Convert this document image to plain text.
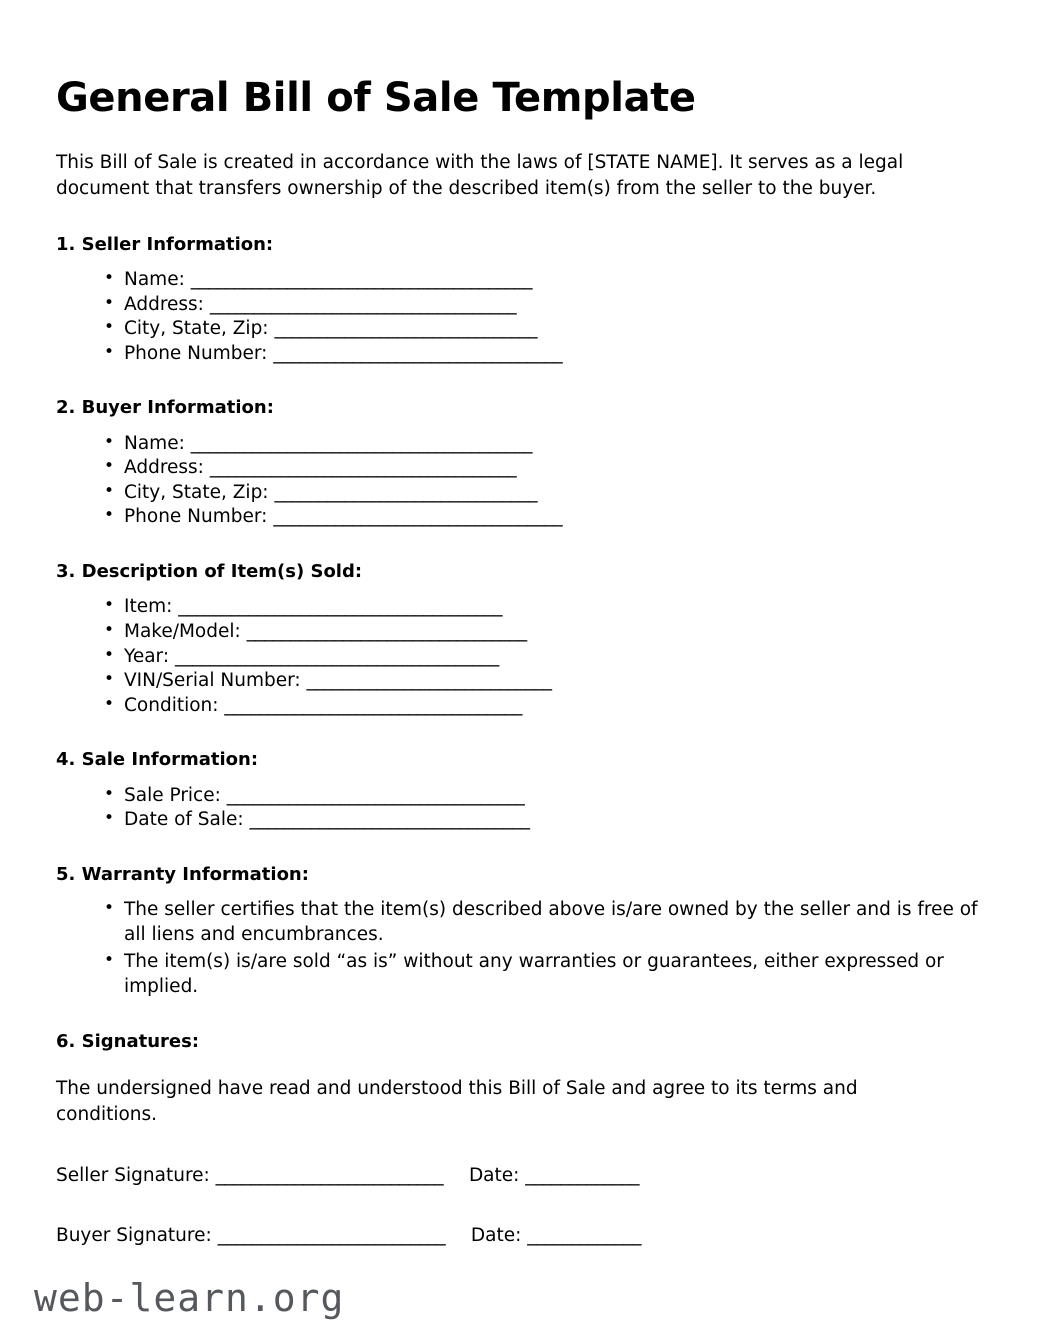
General Bill of Sale Template

This Bill of Sale is created in accordance with the laws of [STATE NAME]. It serves as a legal document that transfers ownership of the described item(s) from the seller to the buyer.

1. Seller Information:
• Name: _______________________________________
• Address: ___________________________________
• City, State, Zip: ______________________________
• Phone Number: _________________________________
2. Buyer Information:
• Name: _______________________________________
• Address: ___________________________________
• City, State, Zip: ______________________________
• Phone Number: _________________________________
3. Description of Item(s) Sold:
• Item: _____________________________________
• Make/Model: ________________________________
• Year: _____________________________________
• VIN/Serial Number: ____________________________
• Condition: __________________________________
4. Sale Information:
• Sale Price: __________________________________
• Date of Sale: ________________________________
5. Warranty Information:
• The seller certifies that the item(s) described above is/are owned by the seller and is free of all liens and encumbrances.
• The item(s) is/are sold “as is” without any warranties or guarantees, either expressed or implied.
6. Signatures:

The undersigned have read and understood this Bill of Sale and agree to its terms and conditions.

Seller Signature: __________________________ Date: _____________
Buyer Signature: __________________________ Date: _____________
web-learn.org
